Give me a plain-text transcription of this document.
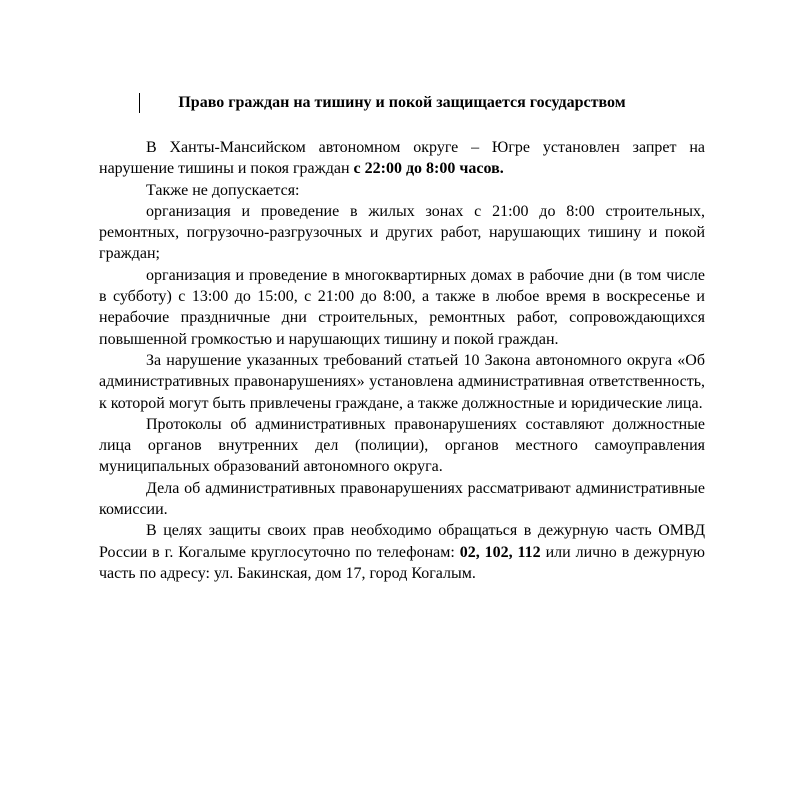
Право граждан на тишину и покой защищается государством

В Ханты-Мансийском автономном округе – Югре установлен запрет на нарушение тишины и покоя граждан с 22:00 до 8:00 часов.

Также не допускается:

организация и проведение в жилых зонах с 21:00 до 8:00 строительных, ремонтных, погрузочно-разгрузочных и других работ, нарушающих тишину и покой граждан;

организация и проведение в многоквартирных домах в рабочие дни (в том числе в субботу) с 13:00 до 15:00, с 21:00 до 8:00, а также в любое время в воскресенье и нерабочие праздничные дни строительных, ремонтных работ, сопровождающихся повышенной громкостью и нарушающих тишину и покой граждан.

За нарушение указанных требований статьей 10 Закона автономного округа «Об административных правонарушениях» установлена административная ответственность, к которой могут быть привлечены граждане, а также должностные и юридические лица.

Протоколы об административных правонарушениях составляют должностные лица органов внутренних дел (полиции), органов местного самоуправления муниципальных образований автономного округа.

Дела об административных правонарушениях рассматривают административные комиссии.

В целях защиты своих прав необходимо обращаться в дежурную часть ОМВД России в г. Когалыме круглосуточно по телефонам: 02, 102, 112 или лично в дежурную часть по адресу: ул. Бакинская, дом 17, город Когалым.
